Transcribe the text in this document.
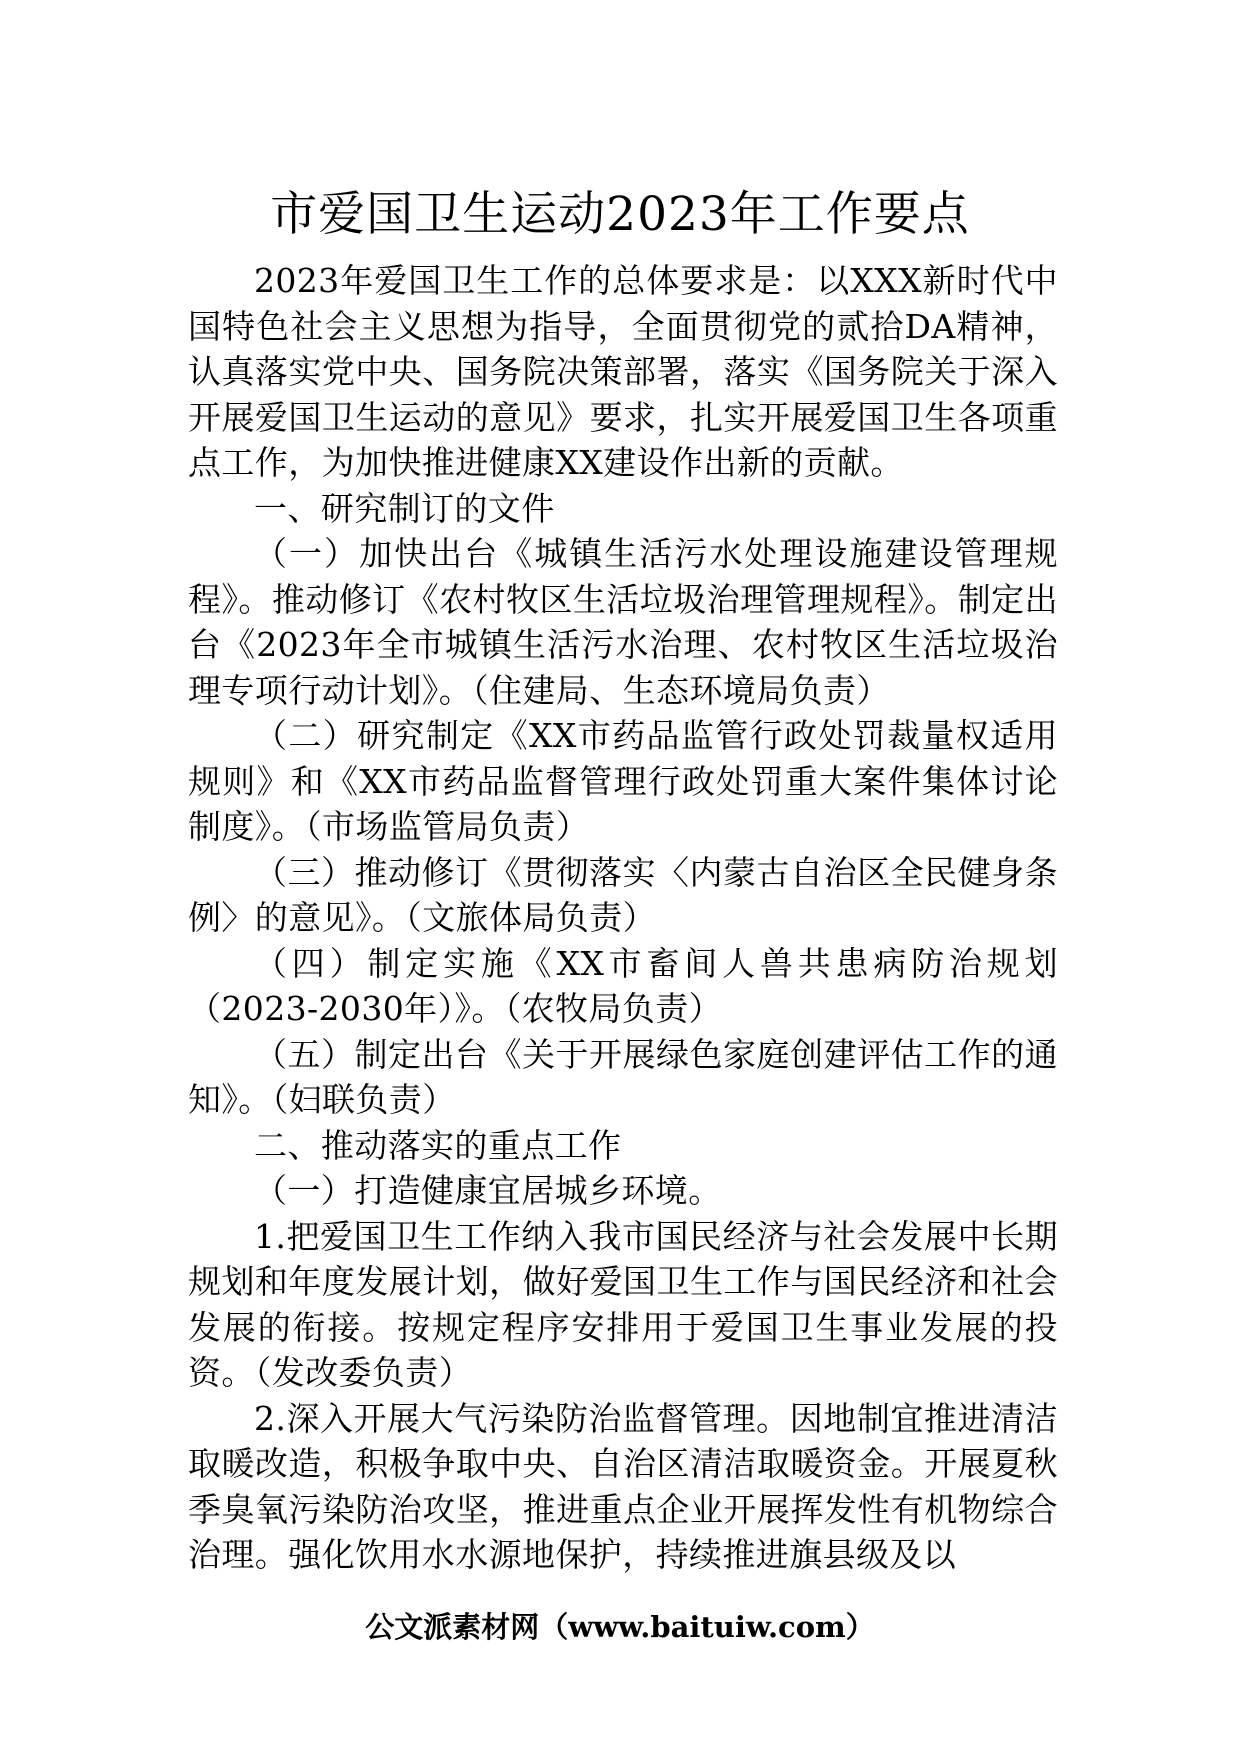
市爱国卫生运动2023年工作要点

2023年爱国卫生工作的总体要求是：以XXX新时代中国特色社会主义思想为指导，全面贯彻党的贰拾DA精神，认真落实党中央、国务院决策部署，落实《国务院关于深入开展爱国卫生运动的意见》要求，扎实开展爱国卫生各项重点工作，为加快推进健康XX建设作出新的贡献。

一、研究制订的文件

（一）加快出台《城镇生活污水处理设施建设管理规程》。推动修订《农村牧区生活垃圾治理管理规程》。制定出台《2023年全市城镇生活污水治理、农村牧区生活垃圾治理专项行动计划》。（住建局、生态环境局负责）

（二）研究制定《XX市药品监管行政处罚裁量权适用规则》和《XX市药品监督管理行政处罚重大案件集体讨论制度》。（市场监管局负责）

（三）推动修订《贯彻落实〈内蒙古自治区全民健身条例〉的意见》。（文旅体局负责）

（四）制定实施《XX市畜间人兽共患病防治规划（2023-2030年）》。（农牧局负责）

（五）制定出台《关于开展绿色家庭创建评估工作的通知》。（妇联负责）

二、推动落实的重点工作

（一）打造健康宜居城乡环境。

1.把爱国卫生工作纳入我市国民经济与社会发展中长期规划和年度发展计划，做好爱国卫生工作与国民经济和社会发展的衔接。按规定程序安排用于爱国卫生事业发展的投资。（发改委负责）

2.深入开展大气污染防治监督管理。因地制宜推进清洁取暖改造，积极争取中央、自治区清洁取暖资金。开展夏秋季臭氧污染防治攻坚，推进重点企业开展挥发性有机物综合治理。强化饮用水水源地保护，持续推进旗县级及以

公文派素材网（www.baituiw.com）
